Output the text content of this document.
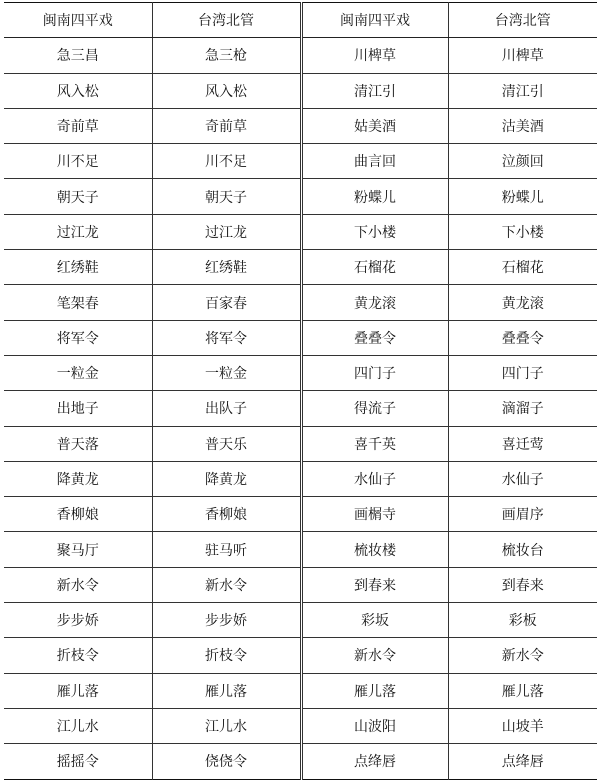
闽南四平戏	台湾北管	闽南四平戏	台湾北管
急三昌	急三枪	川椑草	川椑草
风入松	风入松	清江引	清江引
奇前草	奇前草	姑美酒	沽美酒
川不足	川不足	曲言回	泣颜回
朝天子	朝天子	粉蝶儿	粉蝶儿
过江龙	过江龙	下小楼	下小楼
红绣鞋	红绣鞋	石榴花	石榴花
笔架春	百家春	黄龙滚	黄龙滚
将军令	将军令	叠叠令	叠叠令
一粒金	一粒金	四门子	四门子
出地子	出队子	得流子	滴溜子
普天落	普天乐	喜千英	喜迁莺
降黄龙	降黄龙	水仙子	水仙子
香柳娘	香柳娘	画榍寺	画眉序
聚马厅	驻马听	梳妆楼	梳妆台
新水令	新水令	到春来	到春来
步步娇	步步娇	彩坂	彩板
折枝令	折枝令	新水令	新水令
雁儿落	雁儿落	雁儿落	雁儿落
江儿水	江儿水	山波阳	山坡羊
摇摇令	侥侥令	点绛唇	点绛唇
